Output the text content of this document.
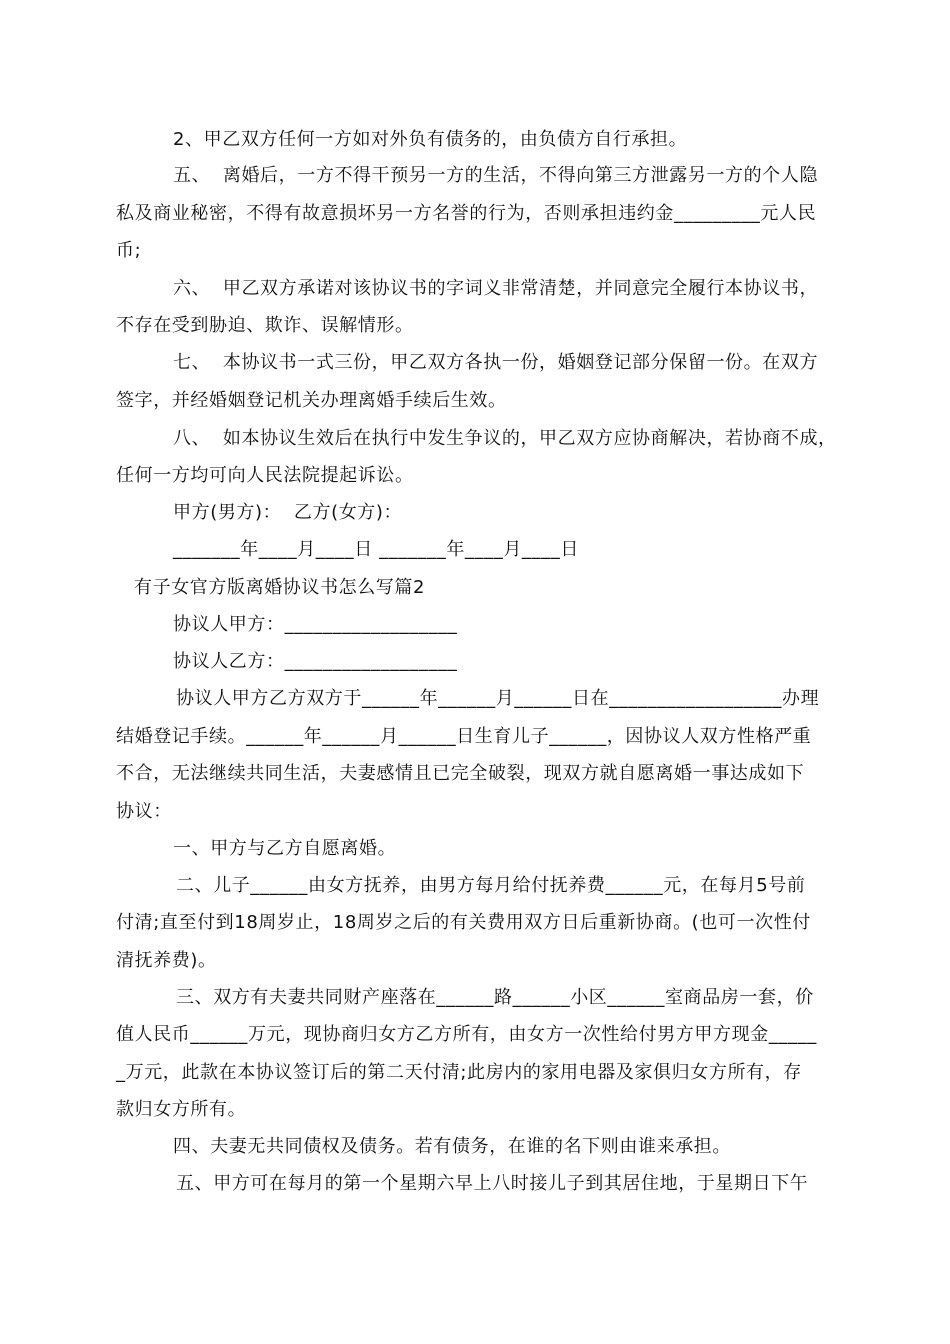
2、甲乙双方任何一方如对外负有债务的，由负债方自行承担。
五、  离婚后，一方不得干预另一方的生活，不得向第三方泄露另一方的个人隐
私及商业秘密，不得有故意损坏另一方名誉的行为，否则承担违约金_________元人民
币;
六、  甲乙双方承诺对该协议书的字词义非常清楚，并同意完全履行本协议书，
不存在受到胁迫、欺诈、误解情形。
七、  本协议书一式三份，甲乙双方各执一份，婚姻登记部分保留一份。在双方
签字，并经婚姻登记机关办理离婚手续后生效。
八、  如本协议生效后在执行中发生争议的，甲乙双方应协商解决，若协商不成，
任何一方均可向人民法院提起诉讼。
甲方(男方)：  乙方(女方)：
_______年____月____日 _______年____月____日
有子女官方版离婚协议书怎么写篇2
协议人甲方：__________________
协议人乙方：__________________
协议人甲方乙方双方于______年______月______日在__________________办理
结婚登记手续。______年______月______日生育儿子______，因协议人双方性格严重
不合，无法继续共同生活，夫妻感情且已完全破裂，现双方就自愿离婚一事达成如下
协议：
一、甲方与乙方自愿离婚。
二、儿子______由女方抚养，由男方每月给付抚养费______元，在每月5号前
付清;直至付到18周岁止，18周岁之后的有关费用双方日后重新协商。(也可一次性付
清抚养费)。
三、双方有夫妻共同财产座落在______路______小区______室商品房一套，价
值人民币______万元，现协商归女方乙方所有，由女方一次性给付男方甲方现金_____
_万元，此款在本协议签订后的第二天付清;此房内的家用电器及家俱归女方所有，存
款归女方所有。
四、夫妻无共同债权及债务。若有债务，在谁的名下则由谁来承担。
五、甲方可在每月的第一个星期六早上八时接儿子到其居住地，于星期日下午
